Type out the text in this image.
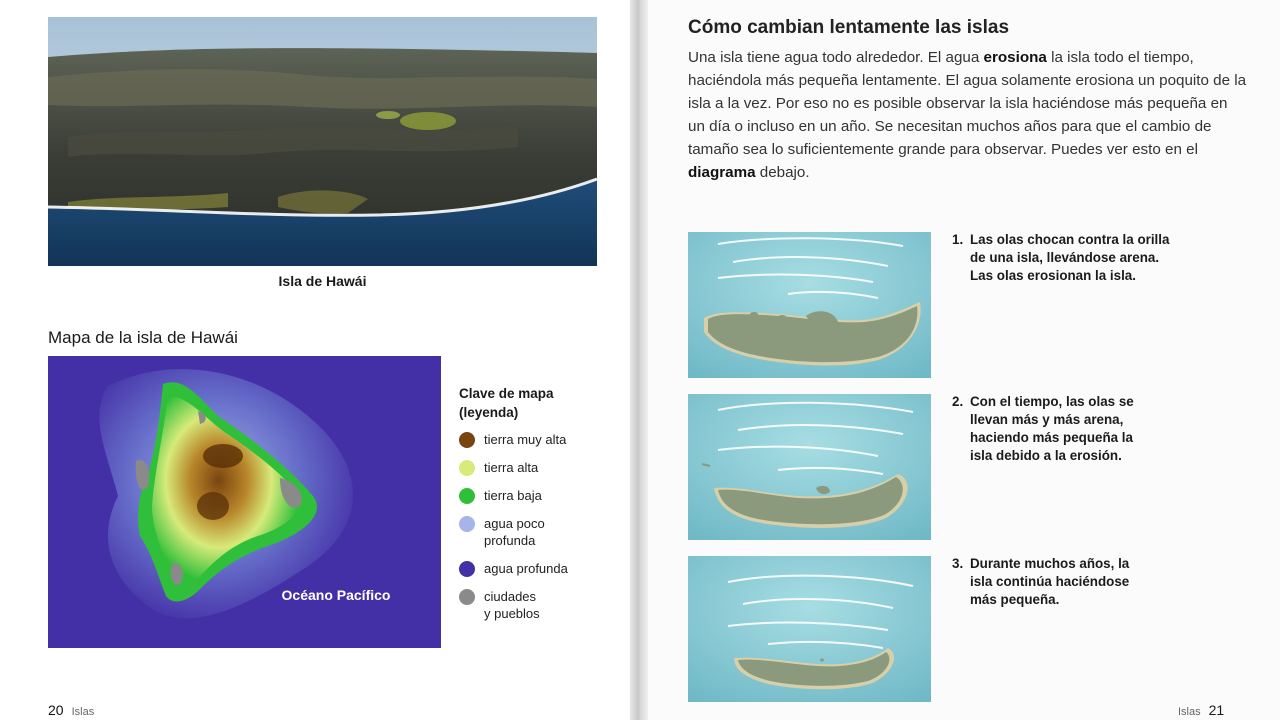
Isla de Hawái
Mapa de la isla de Hawái
Océano Pacífico
Clave de mapa
(leyenda)
tierra muy alta
tierra alta
tierra baja
agua poco
profunda
agua profunda
ciudades
y pueblos
20 Islas
Cómo cambian lentamente las islas
Una isla tiene agua todo alrededor. El agua erosiona la isla todo el tiempo, haciéndola más pequeña lentamente. El agua solamente erosiona un poquito de la isla a la vez. Por eso no es posible observar la isla haciéndose más pequeña en un día o incluso en un año. Se necesitan muchos años para que el cambio de tamaño sea lo suficientemente grande para observar. Puedes ver esto en el diagrama debajo.
1. Las olas chocan contra la orilla
de una isla, llevándose arena.
Las olas erosionan la isla.
2. Con el tiempo, las olas se
llevan más y más arena,
haciendo más pequeña la
isla debido a la erosión.
3. Durante muchos años, la
isla continúa haciéndose
más pequeña.
Islas 21
